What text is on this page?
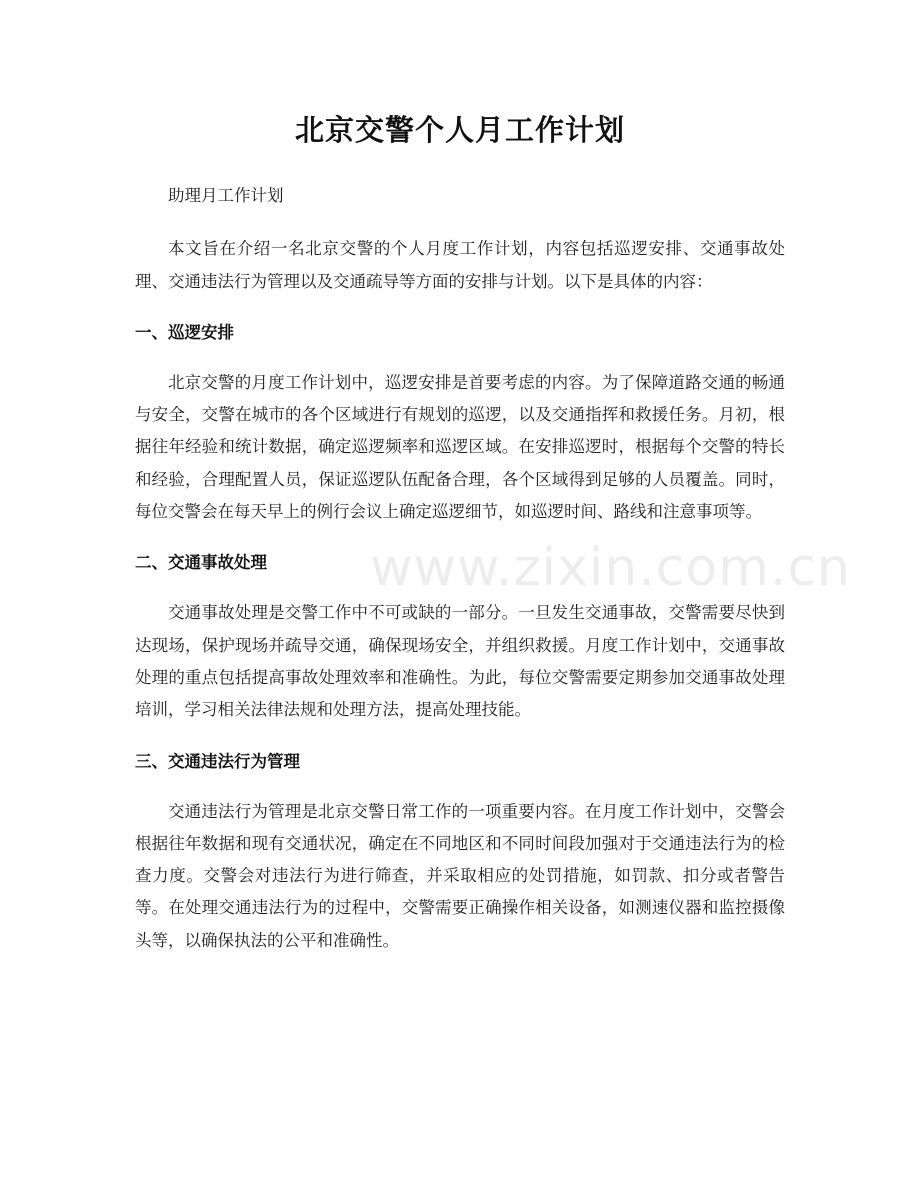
北京交警个人月工作计划
www.zixin.com.cn

助理月工作计划

本文旨在介绍一名北京交警的个人月度工作计划，内容包括巡逻安排、交通事故处理、交通违法行为管理以及交通疏导等方面的安排与计划。以下是具体的内容：

一、巡逻安排

北京交警的月度工作计划中，巡逻安排是首要考虑的内容。为了保障道路交通的畅通与安全，交警在城市的各个区域进行有规划的巡逻，以及交通指挥和救援任务。月初，根据往年经验和统计数据，确定巡逻频率和巡逻区域。在安排巡逻时，根据每个交警的特长和经验，合理配置人员，保证巡逻队伍配备合理，各个区域得到足够的人员覆盖。同时，每位交警会在每天早上的例行会议上确定巡逻细节，如巡逻时间、路线和注意事项等。

二、交通事故处理

交通事故处理是交警工作中不可或缺的一部分。一旦发生交通事故，交警需要尽快到达现场，保护现场并疏导交通，确保现场安全，并组织救援。月度工作计划中，交通事故处理的重点包括提高事故处理效率和准确性。为此，每位交警需要定期参加交通事故处理培训，学习相关法律法规和处理方法，提高处理技能。

三、交通违法行为管理

交通违法行为管理是北京交警日常工作的一项重要内容。在月度工作计划中，交警会根据往年数据和现有交通状况，确定在不同地区和不同时间段加强对于交通违法行为的检查力度。交警会对违法行为进行筛查，并采取相应的处罚措施，如罚款、扣分或者警告等。在处理交通违法行为的过程中，交警需要正确操作相关设备，如测速仪器和监控摄像头等，以确保执法的公平和准确性。
